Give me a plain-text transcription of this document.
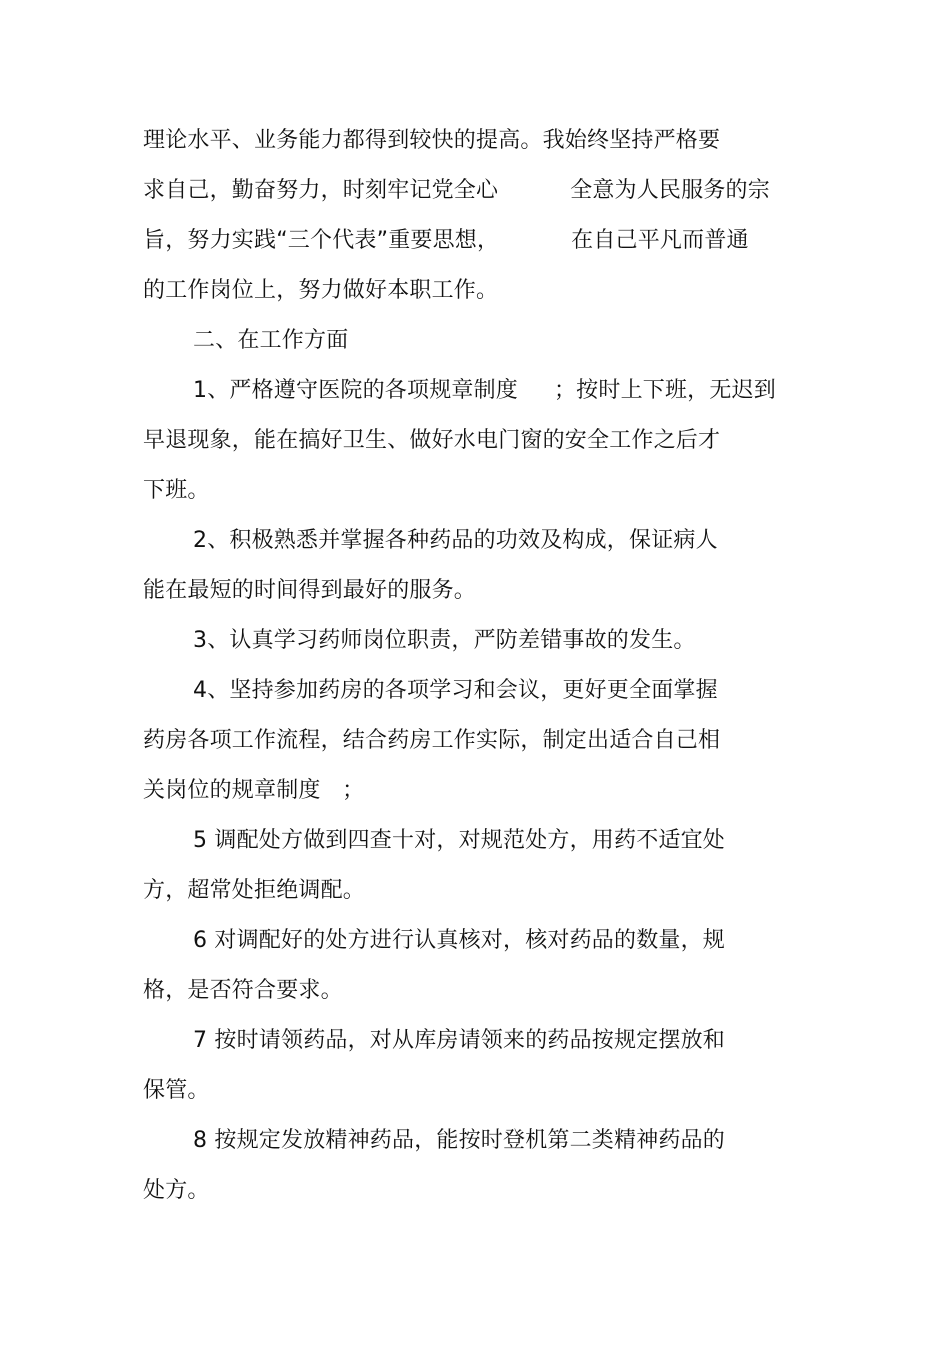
理论水平、业务能力都得到较快的提高。我始终坚持严格要
求自己，勤奋努力，时刻牢记党全心          全意为人民服务的宗
旨，努力实践“三个代表”重要思想，          在自己平凡而普通
的工作岗位上，努力做好本职工作。
二、在工作方面
1、严格遵守医院的各项规章制度     ；按时上下班，无迟到
早退现象，能在搞好卫生、做好水电门窗的安全工作之后才
下班。
2、积极熟悉并掌握各种药品的功效及构成，保证病人
能在最短的时间得到最好的服务。
3、认真学习药师岗位职责，严防差错事故的发生。
4、坚持参加药房的各项学习和会议，更好更全面掌握
药房各项工作流程，结合药房工作实际，制定出适合自己相
关岗位的规章制度   ；
5 调配处方做到四查十对，对规范处方，用药不适宜处
方，超常处拒绝调配。
6 对调配好的处方进行认真核对，核对药品的数量，规
格，是否符合要求。
7 按时请领药品，对从库房请领来的药品按规定摆放和
保管。
8 按规定发放精神药品，能按时登机第二类精神药品的
处方。
